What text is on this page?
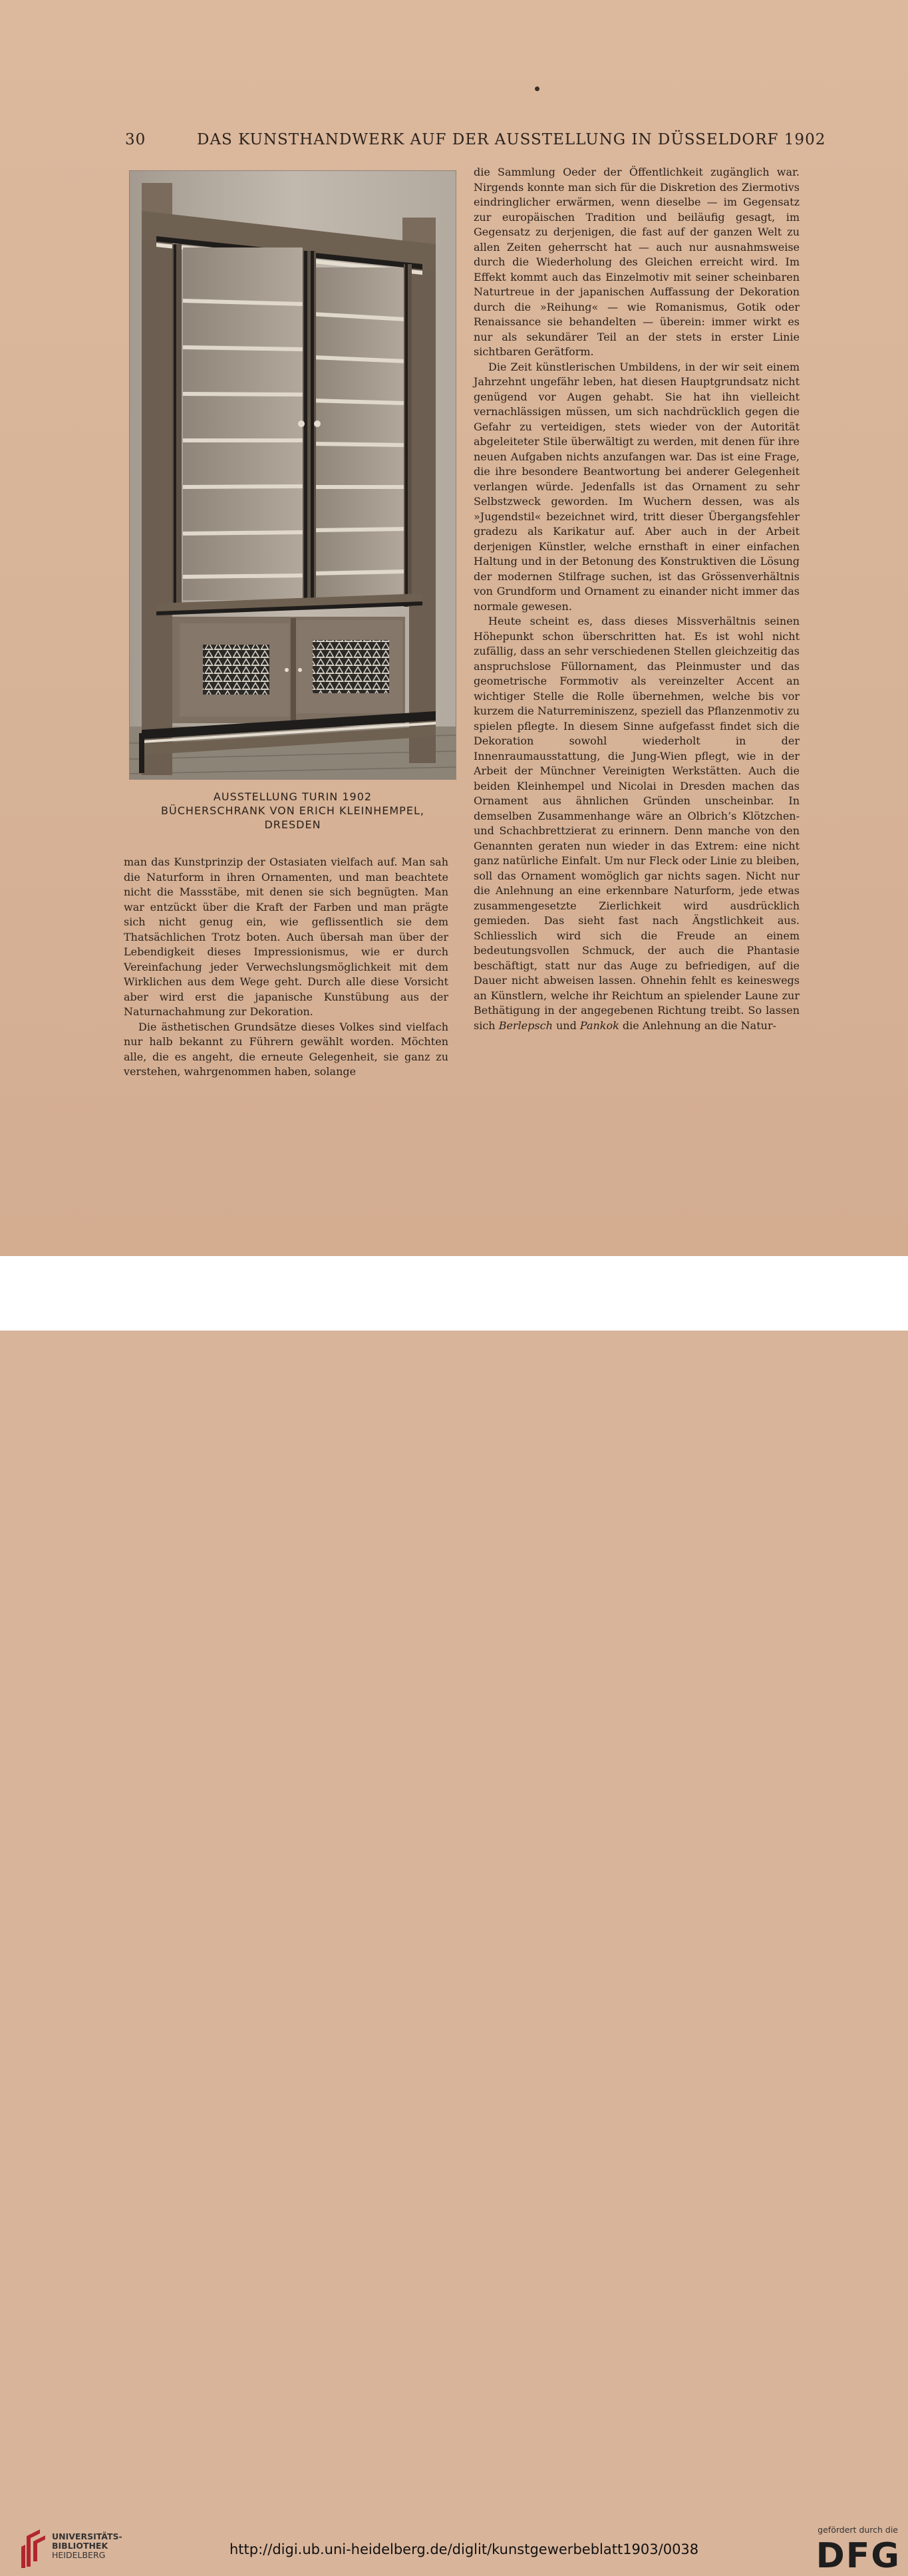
30	DAS KUNSTHANDWERK AUF DER AUSSTELLUNG IN DÜSSELDORF 1902
AUSSTELLUNG TURIN 1902
BÜCHERSCHRANK VON ERICH KLEINHEMPEL,
DRESDEN

die Sammlung Oeder der Öffentlichkeit zugänglich war. Nirgends konnte man sich für die Diskretion des Ziermotivs eindringlicher erwärmen, wenn dieselbe — im Gegensatz zur europäischen Tradition und beiläufig gesagt, im Gegensatz zu derjenigen, die fast auf der ganzen Welt zu allen Zeiten geherrscht hat — auch nur ausnahmsweise durch die Wiederholung des Gleichen erreicht wird. Im Effekt kommt auch das Einzelmotiv mit seiner scheinbaren Naturtreue in der japanischen Auffassung der Dekoration durch die »Reihung« — wie Romanismus, Gotik oder Renaissance sie behandelten — überein: immer wirkt es nur als sekundärer Teil an der stets in erster Linie sichtbaren Gerätform.

Die Zeit künstlerischen Umbildens, in der wir seit einem Jahrzehnt ungefähr leben, hat diesen Hauptgrundsatz nicht genügend vor Augen gehabt. Sie hat ihn vielleicht vernachlässigen müssen, um sich nachdrücklich gegen die Gefahr zu verteidigen, stets wieder von der Autorität abgeleiteter Stile überwältigt zu werden, mit denen für ihre neuen Aufgaben nichts anzufangen war. Das ist eine Frage, die ihre besondere Beantwortung bei anderer Gelegenheit verlangen würde. Jedenfalls ist das Ornament zu sehr Selbstzweck geworden. Im Wuchern dessen, was als »Jugendstil« bezeichnet wird, tritt dieser Übergangsfehler gradezu als Karikatur auf. Aber auch in der Arbeit derjenigen Künstler, welche ernsthaft in einer einfachen Haltung und in der Betonung des Konstruktiven die Lösung der modernen Stilfrage suchen, ist das Grössenverhältnis von Grundform und Ornament zu einander nicht immer das normale gewesen.

Heute scheint es, dass dieses Missverhältnis seinen Höhepunkt schon überschritten hat. Es ist wohl nicht zufällig, dass an sehr verschiedenen Stellen gleichzeitig das anspruchslose Füllornament, das Pleinmuster und das geometrische Formmotiv als vereinzelter Accent an wichtiger Stelle die Rolle übernehmen, welche bis vor kurzem die Naturreminiszenz, speziell das Pflanzenmotiv zu spielen pflegte. In diesem Sinne aufgefasst findet sich die Dekoration sowohl wiederholt in der Innenraumausstattung, die Jung-Wien pflegt, wie in der Arbeit der Münchner Vereinigten Werkstätten. Auch die beiden Kleinhempel und Nicolai in Dresden machen das Ornament aus ähnlichen Gründen unscheinbar. In demselben Zusammenhange wäre an Olbrich’s Klötzchen- und Schachbrettzierat zu erinnern. Denn manche von den Genannten geraten nun wieder in das Extrem: eine nicht ganz natürliche Einfalt. Um nur Fleck oder Linie zu bleiben, soll das Ornament womöglich gar nichts sagen. Nicht nur die Anlehnung an eine erkennbare Naturform, jede etwas zusammengesetzte Zierlichkeit wird ausdrücklich gemieden. Das sieht fast nach Ängstlichkeit aus. Schliesslich wird sich die Freude an einem bedeutungsvollen Schmuck, der auch die Phantasie beschäftigt, statt nur das Auge zu befriedigen, auf die Dauer nicht abweisen lassen. Ohnehin fehlt es keineswegs an Künstlern, welche ihr Reichtum an spielender Laune zur Bethätigung in der angegebenen Richtung treibt. So lassen sich Berlepsch und Pankok die Anlehnung an die Natur-

man das Kunstprinzip der Ostasiaten vielfach auf. Man sah die Naturform in ihren Ornamenten, und man beachtete nicht die Massstäbe, mit denen sie sich begnügten. Man war entzückt über die Kraft der Farben und man prägte sich nicht genug ein, wie geflissentlich sie dem Thatsächlichen Trotz boten. Auch übersah man über der Lebendigkeit dieses Impressionismus, wie er durch Vereinfachung jeder Verwechslungsmöglichkeit mit dem Wirklichen aus dem Wege geht. Durch alle diese Vorsicht aber wird erst die japanische Kunstübung aus der Naturnachahmung zur Dekoration.

Die ästhetischen Grundsätze dieses Volkes sind vielfach nur halb bekannt zu Führern gewählt worden. Möchten alle, die es angeht, die erneute Gelegenheit, sie ganz zu verstehen, wahrgenommen haben, solange

UNIVERSITÄTS-
BIBLIOTHEK
HEIDELBERG	http://digi.ub.uni-heidelberg.de/diglit/kunstgewerbeblatt1903/0038
gefördert durch die
DFG
